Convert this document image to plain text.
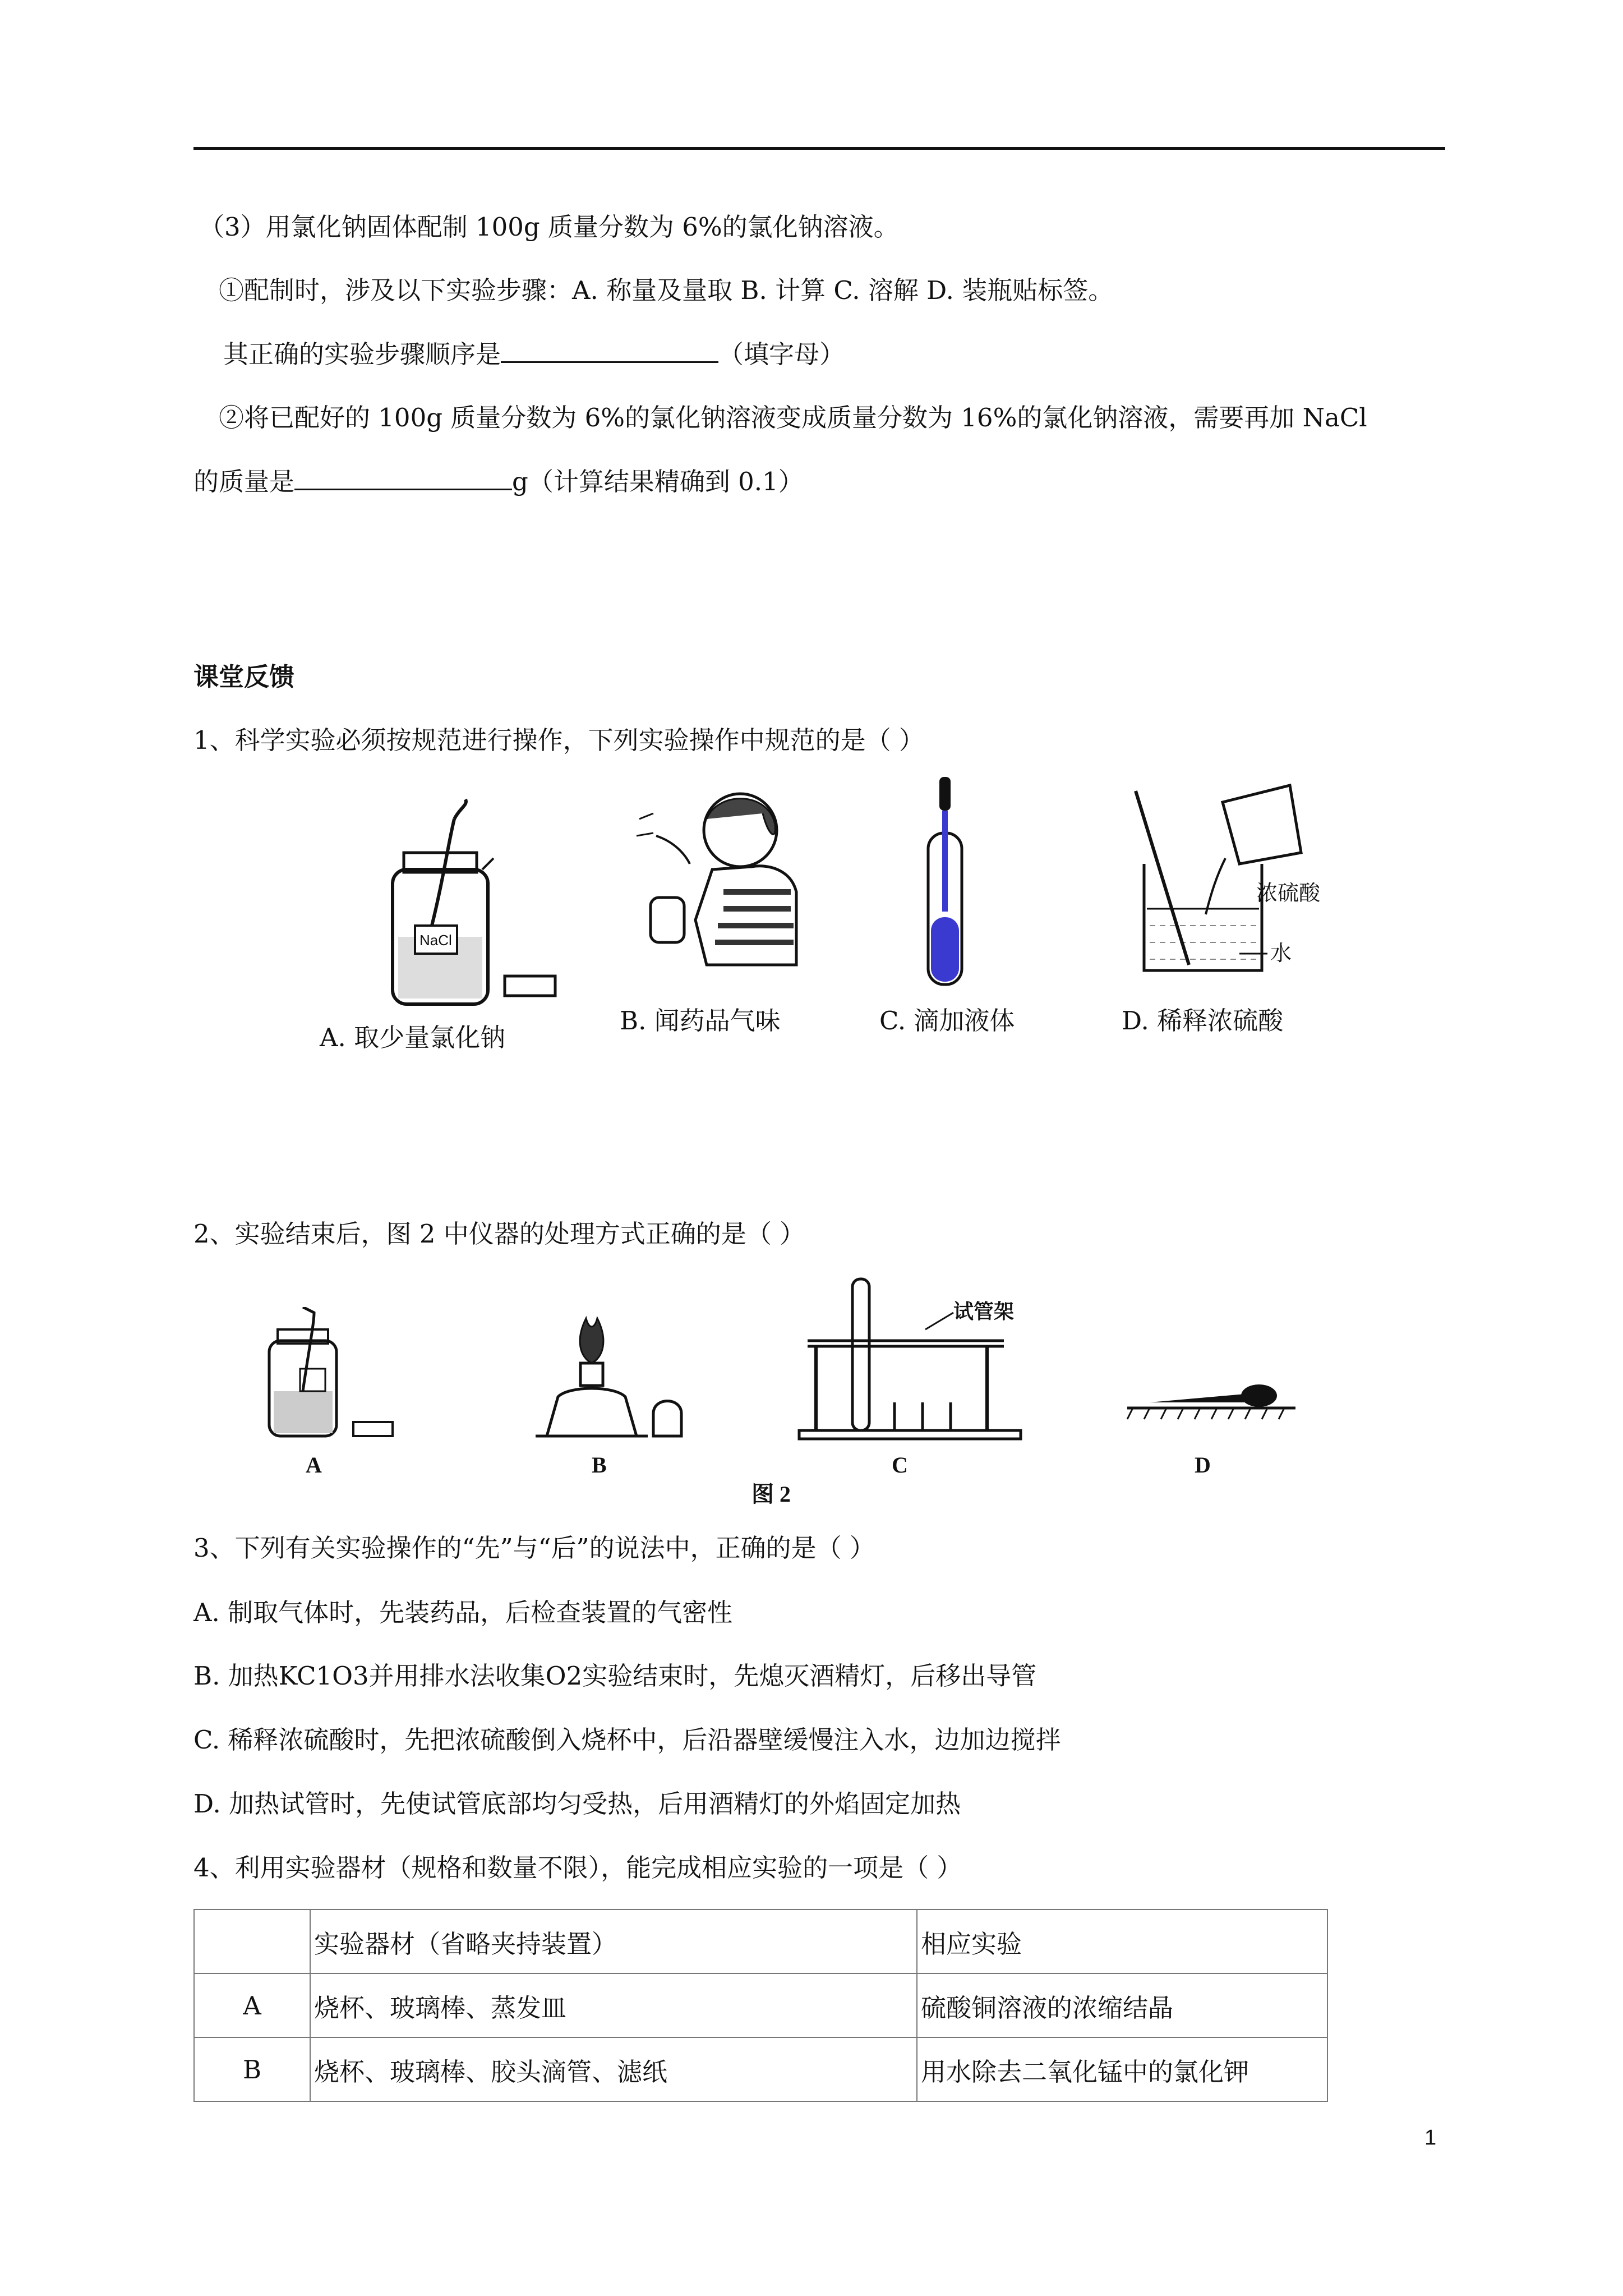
（3）用氯化钠固体配制 100g 质量分数为 6%的氯化钠溶液。
①配制时，涉及以下实验步骤：A. 称量及量取 B. 计算 C. 溶解 D. 装瓶贴标签。
其正确的实验步骤顺序是	（填字母）
②将已配好的 100g 质量分数为 6%的氯化钠溶液变成质量分数为 16%的氯化钠溶液，需要再加 NaCl
的质量是	g（计算结果精确到 0.1）
课堂反馈
1、科学实验必须按规范进行操作，下列实验操作中规范的是（ ）
NaCl
A. 取少量氯化钠
B. 闻药品气味	C. 滴加液体
浓硫酸
水
D. 稀释浓硫酸
2、实验结束后，图 2 中仪器的处理方式正确的是（ ）
A	B
试管架
C	D
图 2
3、下列有关实验操作的“先”与“后”的说法中，正确的是（ ）
A. 制取气体时，先装药品，后检查装置的气密性
B. 加热KC1O3并用排水法收集O2实验结束时，先熄灭酒精灯，后移出导管
C. 稀释浓硫酸时，先把浓硫酸倒入烧杯中，后沿器壁缓慢注入水，边加边搅拌
D. 加热试管时，先使试管底部均匀受热，后用酒精灯的外焰固定加热
4、利用实验器材（规格和数量不限），能完成相应实验的一项是（ ）
	实验器材（省略夹持装置）	相应实验
A	烧杯、玻璃棒、蒸发皿	硫酸铜溶液的浓缩结晶
B	烧杯、玻璃棒、胶头滴管、滤纸	用水除去二氧化锰中的氯化钾
1
